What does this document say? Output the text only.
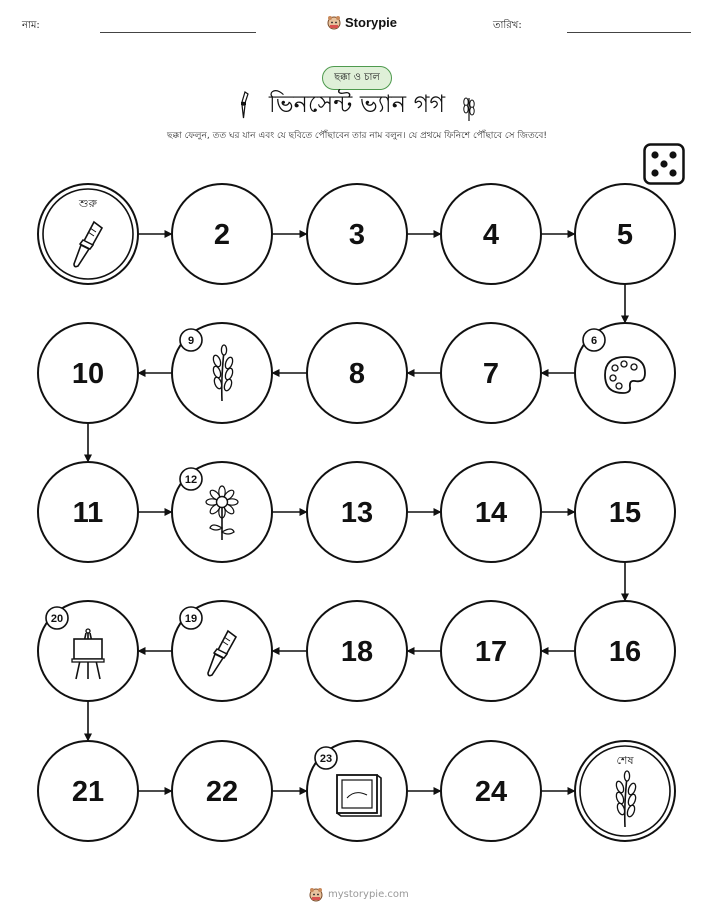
নাম:	Storypie	তারিখ:
ছক্কা ও চাল
ভিনসেন্ট ভ্যান গগ
ছক্কা ফেলুন, তত ঘর যান এবং যে ছবিতে পৌঁছাবেন তার নাম বলুন। যে প্রথমে ফিনিশে পৌঁছাবে সে জিতবে!
শুরু
2	3	4	5
10
9
8	7
6
11
12
13	14	15
20	19
18	17	16
21	22
23
24
শেষ
mystorypie.com
